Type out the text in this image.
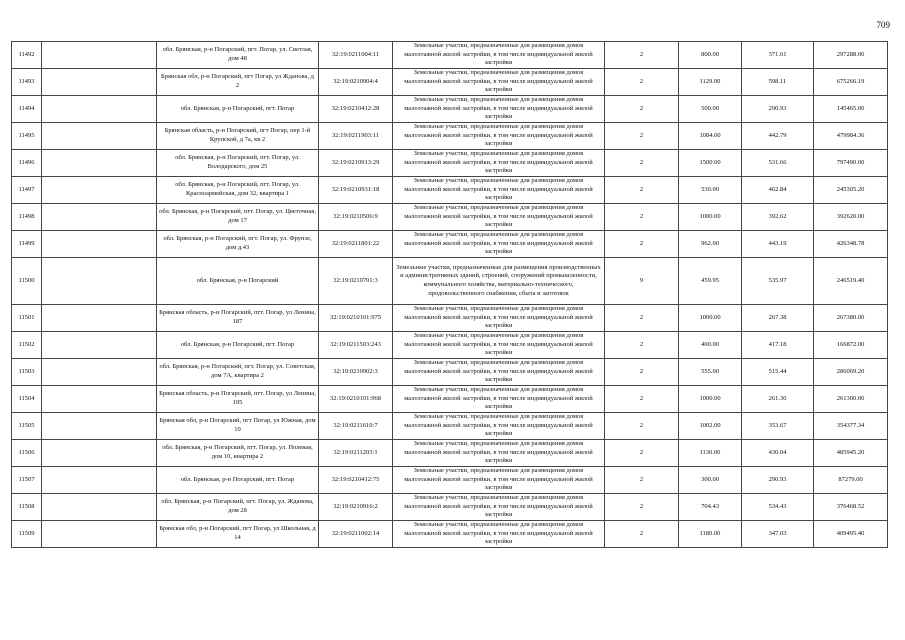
709
11492		обл. Брянская, р-н Погарский, пгт. Погар, ул. Светлая, дом 48	32:19:0211004:11	Земельные участки, предназначенные для размещения домов малоэтажной жилой застройки, в том числе индивидуальной жилой застройки	2	800.00	371.61	297288.00
11493		Брянская обл, р-н Погарский, пгт Погар, ул Жданова, д 2	32:19:0210904:4	Земельные участки, предназначенные для размещения домов малоэтажной жилой застройки, в том числе индивидуальной жилой застройки	2	1129.00	598.11	675266.19
11494		обл. Брянская, р-н Погарский, пгт. Погар	32:19:0210412:28	Земельные участки, предназначенные для размещения домов малоэтажной жилой застройки, в том числе индивидуальной жилой застройки	2	500.00	290.93	145465.00
11495		Брянская область, р-н Погарский, пгт Погар, пер 1-й Крупской, д 7а, кв 2	32:19:0211903:11	Земельные участки, предназначенные для размещения домов малоэтажной жилой застройки, в том числе индивидуальной жилой застройки	2	1084.00	442.79	479984.36
11496		обл. Брянская, р-н Погарский, пгт. Погар, ул. Володарского, дом 25	32:19:0210913:29	Земельные участки, предназначенные для размещения домов малоэтажной жилой застройки, в том числе индивидуальной жилой застройки	2	1500.00	531.66	797490.00
11497		обл. Брянская, р-н Погарский, пгт. Погар, ул. Красноармейская, дом 32, квартира 1	32:19:0210931:18	Земельные участки, предназначенные для размещения домов малоэтажной жилой застройки, в том числе индивидуальной жилой застройки	2	530.00	462.84	245305.20
11498		обл. Брянская, р-н Погарский, пгт. Погар, ул. Цветочная, дом 17	32:19:0210506:9	Земельные участки, предназначенные для размещения домов малоэтажной жилой застройки, в том числе индивидуальной жилой застройки	2	1000.00	392.62	392620.00
11499		обл. Брянская, р-н Погарский, пгт. Погар, ул. Фрунзе, дом д.43	32:19:0211801:22	Земельные участки, предназначенные для размещения домов малоэтажной жилой застройки, в том числе индивидуальной жилой застройки	2	962.00	443.19	426348.78
11500		обл. Брянская, р-н Погарский	32:19:0210701:3	Земельные участки, предназначенные для размещения производственных и административных зданий, строений, сооружений промышленности, коммунального хозяйства, материально-технического, продовольственного снабжения, сбыта и заготовок	9	459.95	535.97	246519.40
11501		Брянская область, р-н Погарский, пгт. Погар, ул Ленина, 187	32:19:0210101:975	Земельные участки, предназначенные для размещения домов малоэтажной жилой застройки, в том числе индивидуальной жилой застройки	2	1000.00	267.38	267380.00
11502		обл. Брянская, р-н Погарский, пгт. Погар	32:19:0211503:243	Земельные участки, предназначенные для размещения домов малоэтажной жилой застройки, в том числе индивидуальной жилой застройки	2	400.00	417.18	166872.00
11503		обл. Брянская, р-н Погарский, пгт. Погар, ул. Советская, дом 7А, квартира 2	32:19:0210902:3	Земельные участки, предназначенные для размещения домов малоэтажной жилой застройки, в том числе индивидуальной жилой застройки	2	555.00	515.44	286069.20
11504		Брянская область, р-н Погарский, пгт. Погар, ул Ленина, 195	32:19:0210101:968	Земельные участки, предназначенные для размещения домов малоэтажной жилой застройки, в том числе индивидуальной жилой застройки	2	1000.00	261.30	261300.00
11505		Брянская обл, р-н Погарский, пгт Погар, ул Южная, дом 10	32:19:0211610:7	Земельные участки, предназначенные для размещения домов малоэтажной жилой застройки, в том числе индивидуальной жилой застройки	2	1002.00	353.67	354377.34
11506		обл. Брянская, р-н Погарский, пгт. Погар, ул. Полевая, дом 10, квартира 2	32:19:0211203:1	Земельные участки, предназначенные для размещения домов малоэтажной жилой застройки, в том числе индивидуальной жилой застройки	2	1130.00	430.04	485945.20
11507		обл. Брянская, р-н Погарский, пгт. Погар	32:19:0210412:75	Земельные участки, предназначенные для размещения домов малоэтажной жилой застройки, в том числе индивидуальной жилой застройки	2	300.00	290.93	87279.00
11508		обл. Брянская, р-н Погарский, пгт. Погар, ул. Жданова, дом 28	32:19:0210916:2	Земельные участки, предназначенные для размещения домов малоэтажной жилой застройки, в том числе индивидуальной жилой застройки	2	704.43	534.43	376468.52
11509		Брянская обл, р-н Погарский, пгт Погар, ул Школьная, д 14	32:19:0211002:14	Земельные участки, предназначенные для размещения домов малоэтажной жилой застройки, в том числе индивидуальной жилой застройки	2	1180.00	347.03	409495.40
